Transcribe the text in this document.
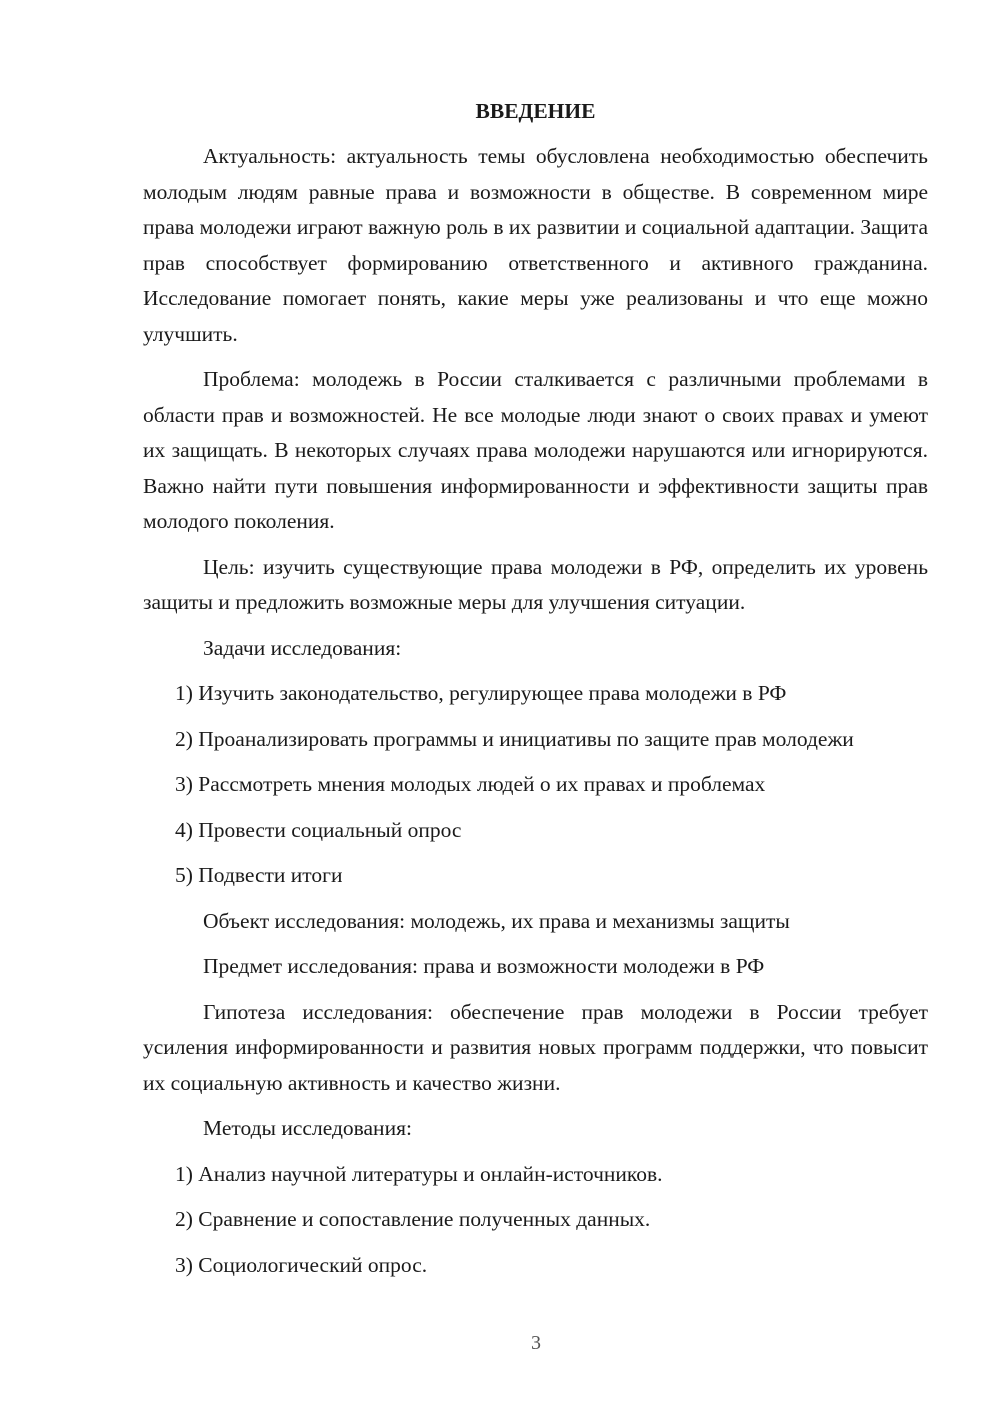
ВВЕДЕНИЕ

Актуальность: актуальность темы обусловлена необходимостью обеспечить молодым людям равные права и возможности в обществе. В современном мире права молодежи играют важную роль в их развитии и социальной адаптации. Защита прав способствует формированию ответственного и активного гражданина. Исследование помогает понять, какие меры уже реализованы и что еще можно улучшить.

Проблема: молодежь в России сталкивается с различными проблемами в области прав и возможностей. Не все молодые люди знают о своих правах и умеют их защищать. В некоторых случаях права молодежи нарушаются или игнорируются. Важно найти пути повышения информированности и эффективности защиты прав молодого поколения.

Цель: изучить существующие права молодежи в РФ, определить их уровень защиты и предложить возможные меры для улучшения ситуации.

Задачи исследования:

1) Изучить законодательство, регулирующее права молодежи в РФ

2) Проанализировать программы и инициативы по защите прав молодежи

3) Рассмотреть мнения молодых людей о их правах и проблемах

4) Провести социальный опрос

5) Подвести итоги

Объект исследования: молодежь, их права и механизмы защиты

Предмет исследования: права и возможности молодежи в РФ

Гипотеза исследования: обеспечение прав молодежи в России требует усиления информированности и развития новых программ поддержки, что повысит их социальную активность и качество жизни.

Методы исследования:

1) Анализ научной литературы и онлайн-источников.

2) Сравнение и сопоставление полученных данных.

3) Социологический опрос.

3
